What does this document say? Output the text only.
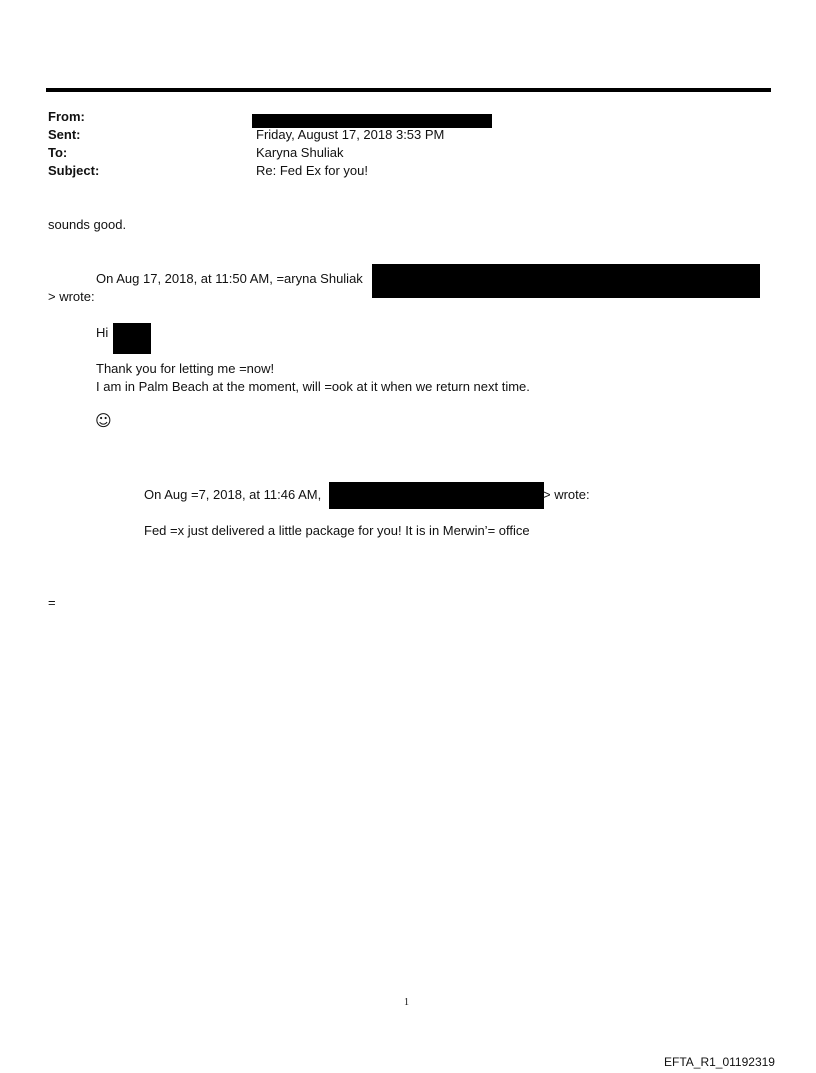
From:
Sent:
To:
Subject:
Friday, August 17, 2018 3:53 PM
Karyna Shuliak
Re: Fed Ex for you!
sounds good.
On Aug 17, 2018, at 11:50 AM, =aryna Shuliak
> wrote:
Hi
Thank you for letting me =now!
I am in Palm Beach at the moment, will =ook at it when we return next time.
☺
On Aug =7, 2018, at 11:46 AM,	> wrote:
Fed =x just delivered a little package for you! It is in Merwin’= office
=
1
EFTA_R1_01192319
